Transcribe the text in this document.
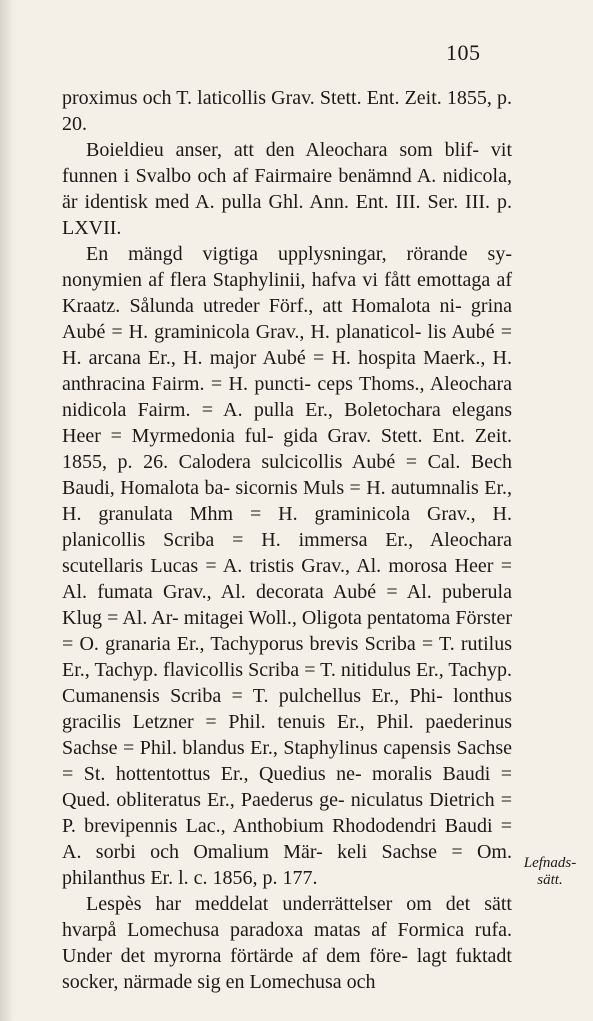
105

proximus och T. laticollis Grav. Stett. Ent. Zeit. 1855, p. 20.

Boieldieu anser, att den Aleochara som blif- vit funnen i Svalbo och af Fairmaire benämnd A. nidicola, är identisk med A. pulla Ghl. Ann. Ent. III. Ser. III. p. LXVII.

En mängd vigtiga upplysningar, rörande sy- nonymien af flera Staphylinii, hafva vi fått emottaga af Kraatz. Sålunda utreder Förf., att Homalota ni- grina Aubé = H. graminicola Grav., H. planaticol- lis Aubé = H. arcana Er., H. major Aubé = H. hospita Maerk., H. anthracina Fairm. = H. puncti- ceps Thoms., Aleochara nidicola Fairm. = A. pulla Er., Boletochara elegans Heer = Myrmedonia ful- gida Grav. Stett. Ent. Zeit. 1855, p. 26. Calodera sulcicollis Aubé = Cal. Bech Baudi, Homalota ba- sicornis Muls = H. autumnalis Er., H. granulata Mhm = H. graminicola Grav., H. planicollis Scriba = H. immersa Er., Aleochara scutellaris Lucas = A. tristis Grav., Al. morosa Heer = Al. fumata Grav., Al. decorata Aubé = Al. puberula Klug = Al. Ar- mitagei Woll., Oligota pentatoma Förster = O. granaria Er., Tachyporus brevis Scriba = T. rutilus Er., Tachyp. flavicollis Scriba = T. nitidulus Er., Tachyp. Cumanensis Scriba = T. pulchellus Er., Phi- lonthus gracilis Letzner = Phil. tenuis Er., Phil. paederinus Sachse = Phil. blandus Er., Staphylinus capensis Sachse = St. hottentottus Er., Quedius ne- moralis Baudi = Qued. obliteratus Er., Paederus ge- niculatus Dietrich = P. brevipennis Lac., Anthobium Rhododendri Baudi = A. sorbi och Omalium Mär- keli Sachse = Om. philanthus Er. l. c. 1856, p. 177.

Lespès har meddelat underrättelser om det sätt hvarpå Lomechusa paradoxa matas af Formica rufa. Under det myrorna förtärde af dem före- lagt fuktadt socker, närmade sig en Lomechusa och

Lefnads- sätt.
